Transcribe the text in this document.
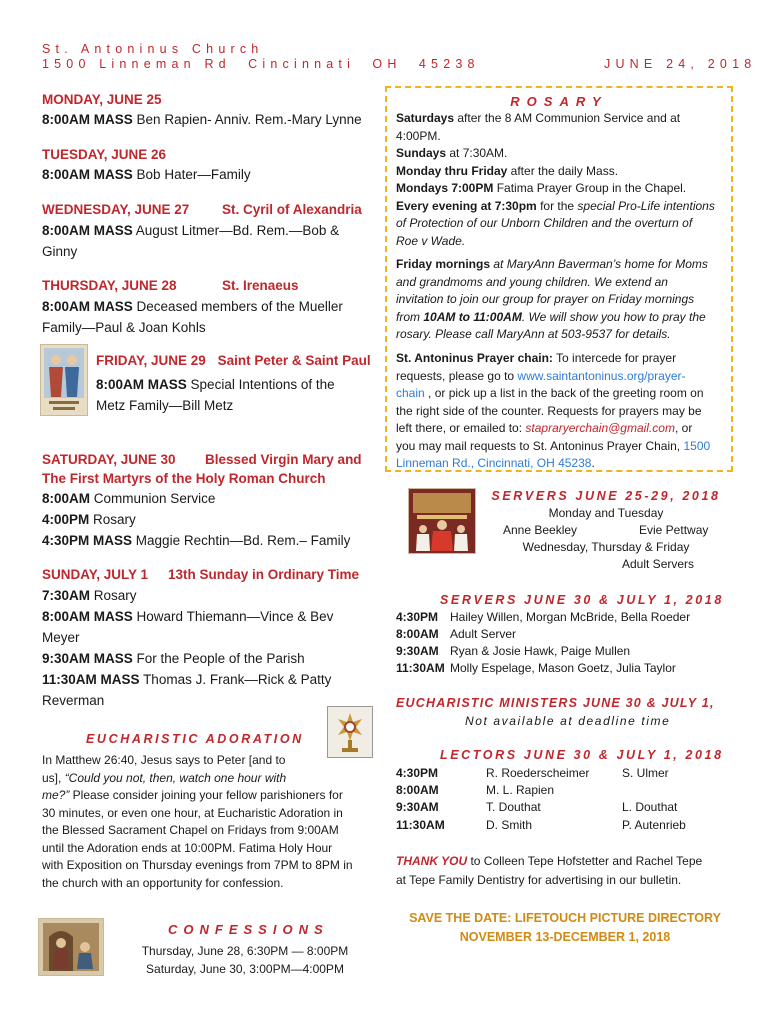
St. Antoninus Church
1500 Linneman Rd  Cincinnati  OH  45238	JUNE 24, 2018
MONDAY, JUNE 25
8:00AM MASS Ben Rapien- Anniv. Rem.-Mary Lynne
TUESDAY, JUNE 26
8:00AM MASS Bob Hater—Family
WEDNESDAY, JUNE 27 St. Cyril of Alexandria
8:00AM MASS August Litmer—Bd. Rem.—Bob &
Ginny
THURSDAY, JUNE 28	St. Irenaeus
8:00AM MASS Deceased members of the Mueller
Family—Paul & Joan Kohls
FRIDAY, JUNE 29 Saint Peter & Saint Paul
8:00AM MASS Special Intentions of the
Metz Family—Bill Metz
SATURDAY, JUNE 30 Blessed Virgin Mary and
The First Martyrs of the Holy Roman Church
8:00AM Communion Service
4:00PM Rosary
4:30PM MASS Maggie Rechtin—Bd. Rem.– Family
SUNDAY, JULY 1 13th Sunday in Ordinary Time
7:30AM Rosary
8:00AM MASS Howard Thiemann—Vince & Bev
Meyer
9:30AM MASS For the People of the Parish
11:30AM MASS Thomas J. Frank—Rick & Patty
Reverman
EUCHARISTIC ADORATION
In Matthew 26:40, Jesus says to Peter [and to
us], “Could you not, then, watch one hour with
me?” Please consider joining your fellow parishioners for
30 minutes, or even one hour, at Eucharistic Adoration in
the Blessed Sacrament Chapel on Fridays from 9:00AM
until the Adoration ends at 10:00PM. Fatima Holy Hour
with Exposition on Thursday evenings from 7PM to 8PM in
the church with an opportunity for confession.
CONFESSIONS
Thursday, June 28, 6:30PM — 8:00PM
Saturday, June 30, 3:00PM—4:00PM
ROSARY
Saturdays after the 8 AM Communion Service and at
4:00PM.
Sundays at 7:30AM.
Monday thru Friday after the daily Mass.
Mondays 7:00PM Fatima Prayer Group in the Chapel.
Every evening at 7:30pm for the special Pro-Life intentions
of Protection of our Unborn Children and the overturn of
Roe v Wade.
Friday mornings at MaryAnn Baverman’s home for Moms
and grandmoms and young children. We extend an
invitation to join our group for prayer on Friday mornings
from 10AM to 11:00AM. We will show you how to pray the
rosary. Please call MaryAnn at 503-9537 for details.
St. Antoninus Prayer chain: To intercede for prayer
requests, please go to www.saintantoninus.org/prayer-
chain , or pick up a list in the back of the greeting room on
the right side of the counter. Requests for prayers may be
left there, or emailed to: stapraryerchain@gmail.com, or
you may mail requests to St. Antoninus Prayer Chain, 1500
Linneman Rd., Cincinnati, OH 45238.
SERVERS JUNE 25-29, 2018
Monday and Tuesday
Anne Beekley	Evie Pettway
Wednesday, Thursday & Friday
Adult Servers
SERVERS JUNE 30 & JULY 1, 2018
4:30PM Hailey Willen, Morgan McBride, Bella Roeder
8:00AM Adult Server
9:30AM Ryan & Josie Hawk, Paige Mullen
11:30AM Molly Espelage, Mason Goetz, Julia Taylor
EUCHARISTIC MINISTERS JUNE 30 & JULY 1,
Not available at deadline time
LECTORS JUNE 30 & JULY 1, 2018
4:30PM	R. Roederscheimer	S. Ulmer
8:00AM	M. L. Rapien
9:30AM	T. Douthat	L. Douthat
11:30AM	D. Smith	P. Autenrieb
THANK YOU to Colleen Tepe Hofstetter and Rachel Tepe
at Tepe Family Dentistry for advertising in our bulletin.
SAVE THE DATE: LIFETOUCH PICTURE DIRECTORY
NOVEMBER 13-DECEMBER 1, 2018
